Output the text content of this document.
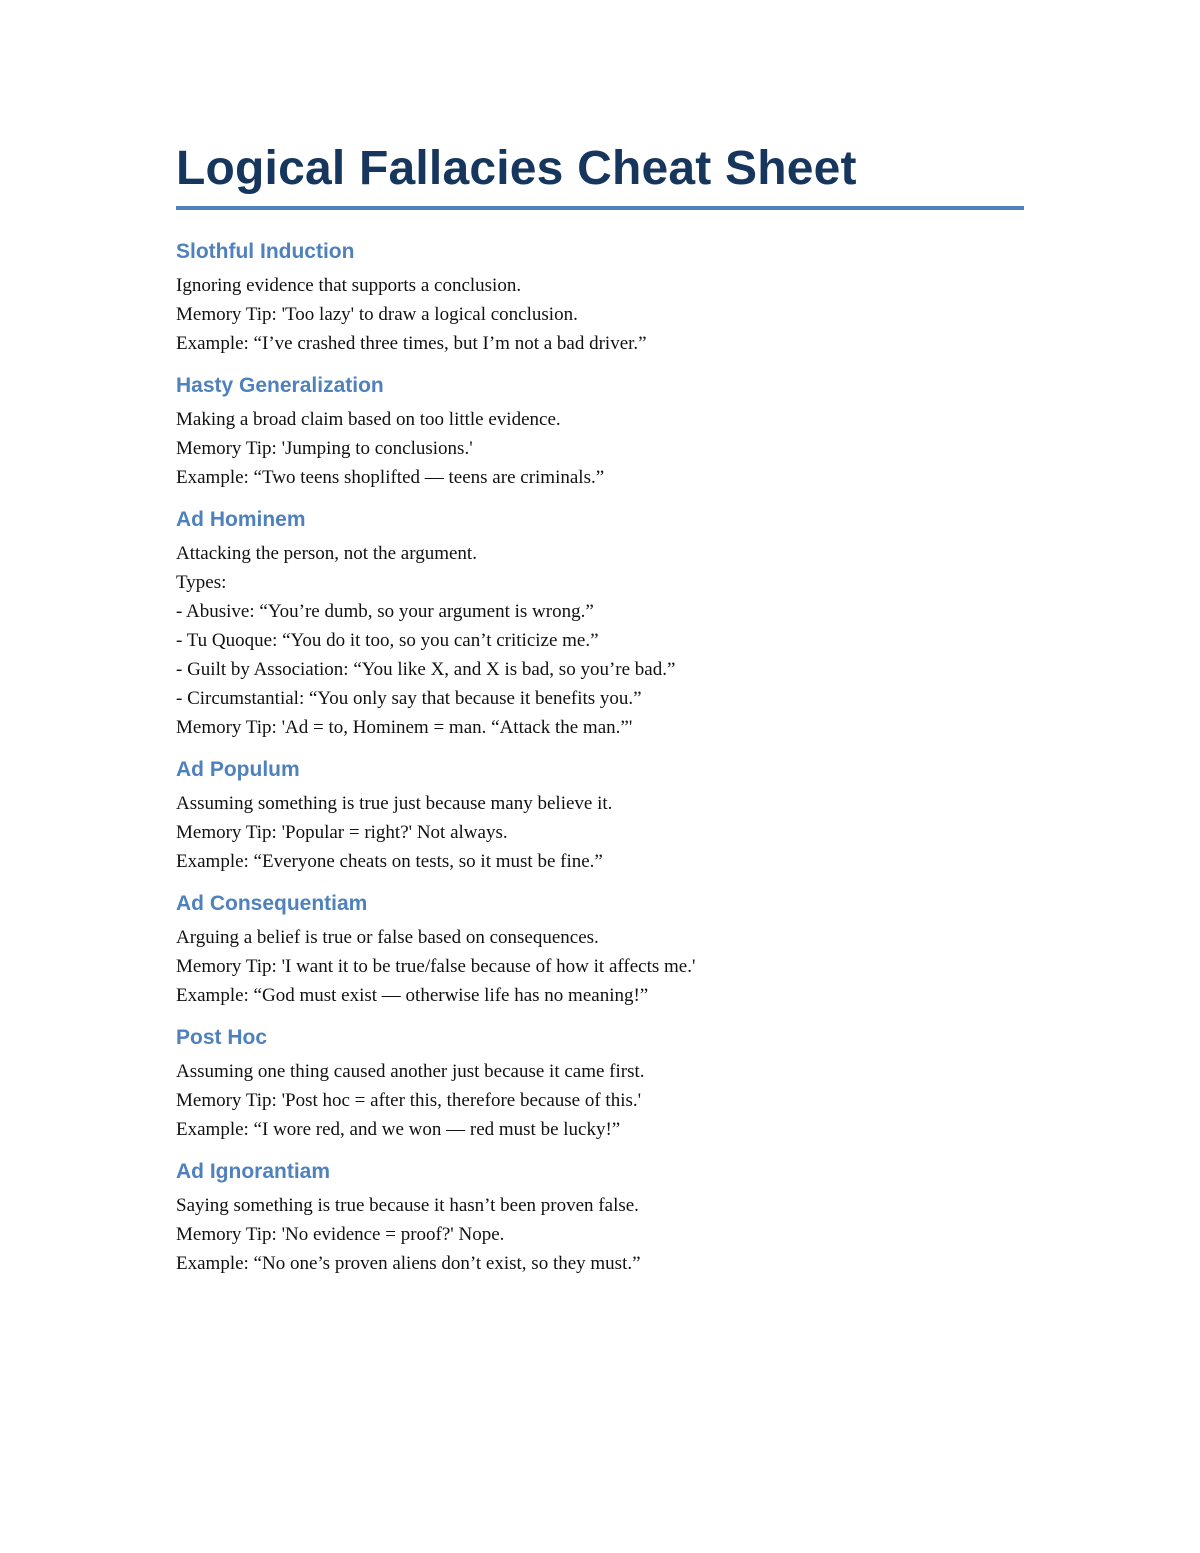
Logical Fallacies Cheat Sheet
Slothful Induction

Ignoring evidence that supports a conclusion.

Memory Tip: 'Too lazy' to draw a logical conclusion.

Example: “I’ve crashed three times, but I’m not a bad driver.”

Hasty Generalization

Making a broad claim based on too little evidence.

Memory Tip: 'Jumping to conclusions.'

Example: “Two teens shoplifted — teens are criminals.”

Ad Hominem

Attacking the person, not the argument.

Types:

- Abusive: “You’re dumb, so your argument is wrong.”

- Tu Quoque: “You do it too, so you can’t criticize me.”

- Guilt by Association: “You like X, and X is bad, so you’re bad.”

- Circumstantial: “You only say that because it benefits you.”

Memory Tip: 'Ad = to, Hominem = man. “Attack the man.”'

Ad Populum

Assuming something is true just because many believe it.

Memory Tip: 'Popular = right?' Not always.

Example: “Everyone cheats on tests, so it must be fine.”

Ad Consequentiam

Arguing a belief is true or false based on consequences.

Memory Tip: 'I want it to be true/false because of how it affects me.'

Example: “God must exist — otherwise life has no meaning!”

Post Hoc

Assuming one thing caused another just because it came first.

Memory Tip: 'Post hoc = after this, therefore because of this.'

Example: “I wore red, and we won — red must be lucky!”

Ad Ignorantiam

Saying something is true because it hasn’t been proven false.

Memory Tip: 'No evidence = proof?' Nope.

Example: “No one’s proven aliens don’t exist, so they must.”
